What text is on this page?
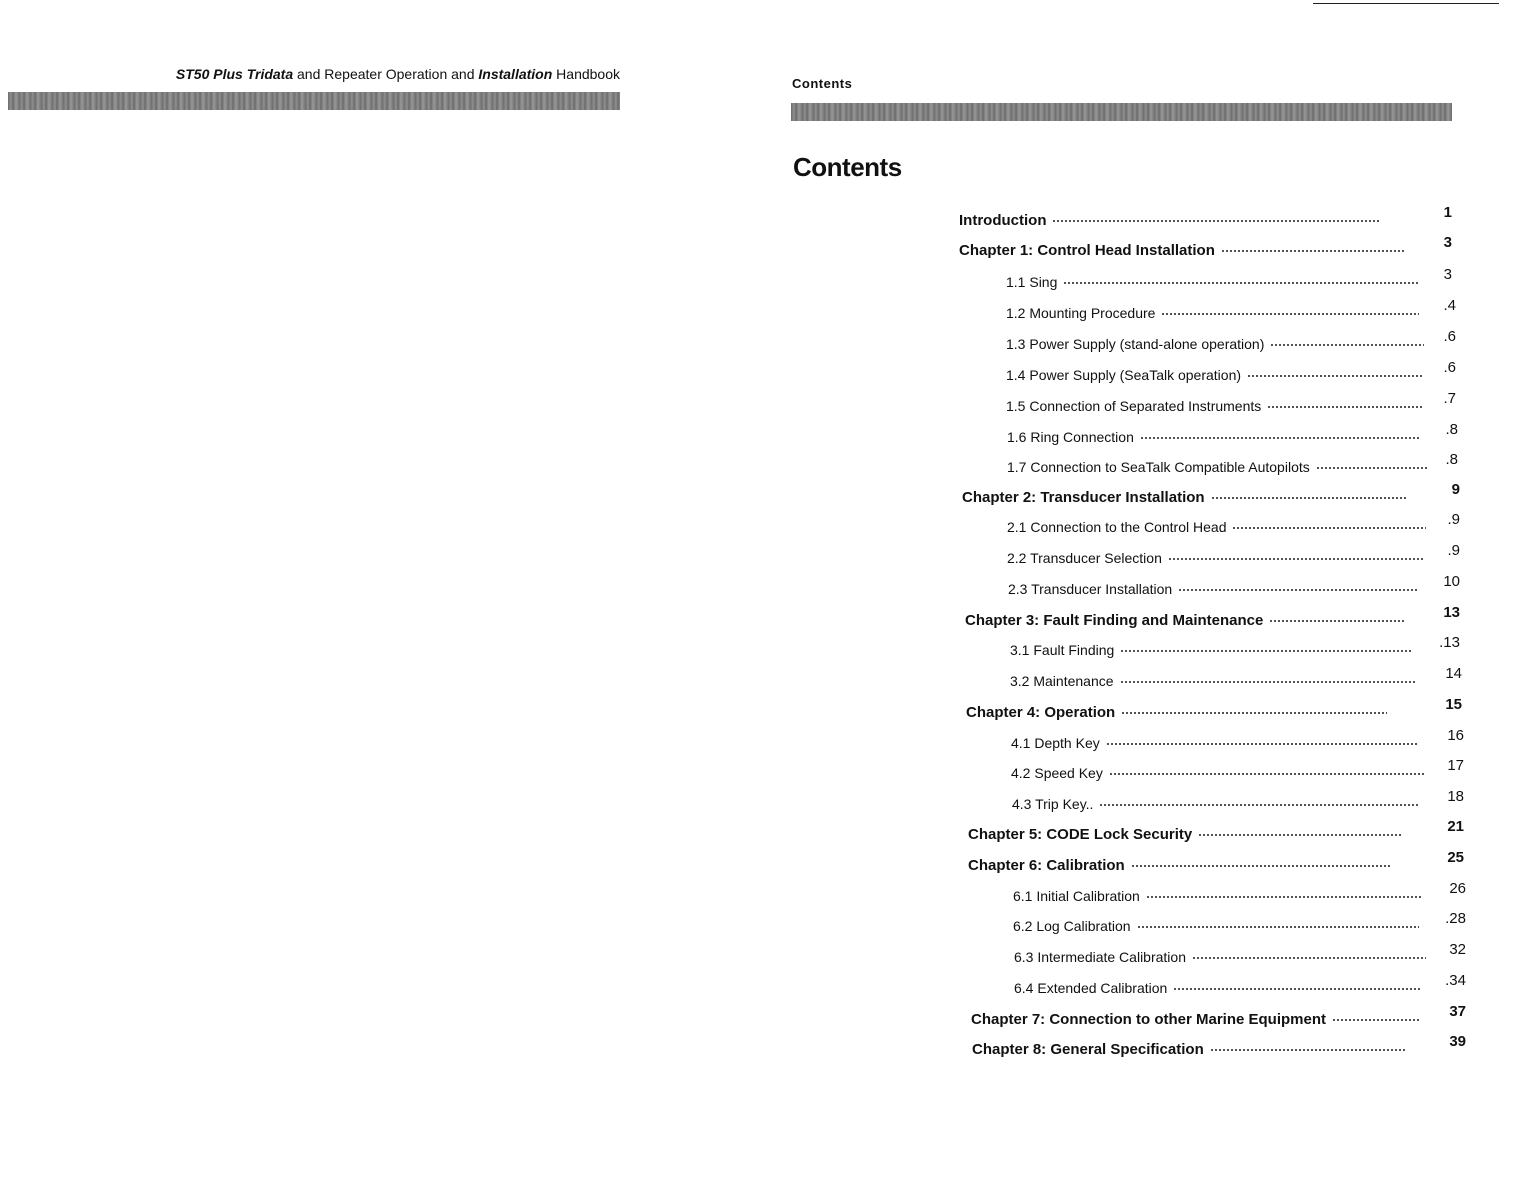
ST50 Plus Tridata and Repeater Operation and Installation Handbook
Contents
Contents
Introduction	1
Chapter 1: Control Head Installation	3
1.1 Sing	3
1.2 Mounting Procedure	.4
1.3 Power Supply (stand-alone operation)	.6
1.4 Power Supply (SeaTalk operation)	.6
1.5 Connection of Separated Instruments	.7
1.6 Ring Connection	.8
1.7 Connection to SeaTalk Compatible Autopilots	.8
Chapter 2: Transducer Installation	9
2.1 Connection to the Control Head	.9
2.2 Transducer Selection	.9
2.3 Transducer Installation	10
Chapter 3: Fault Finding and Maintenance	13
3.1 Fault Finding	.13
3.2 Maintenance	14
Chapter 4: Operation	15
4.1 Depth Key	16
4.2 Speed Key	17
4.3 Trip Key..	18
Chapter 5: CODE Lock Security	21
Chapter 6: Calibration	25
6.1 Initial Calibration	26
6.2 Log Calibration	.28
6.3 Intermediate Calibration	32
6.4 Extended Calibration	.34
Chapter 7: Connection to other Marine Equipment	37
Chapter 8: General Specification	39
